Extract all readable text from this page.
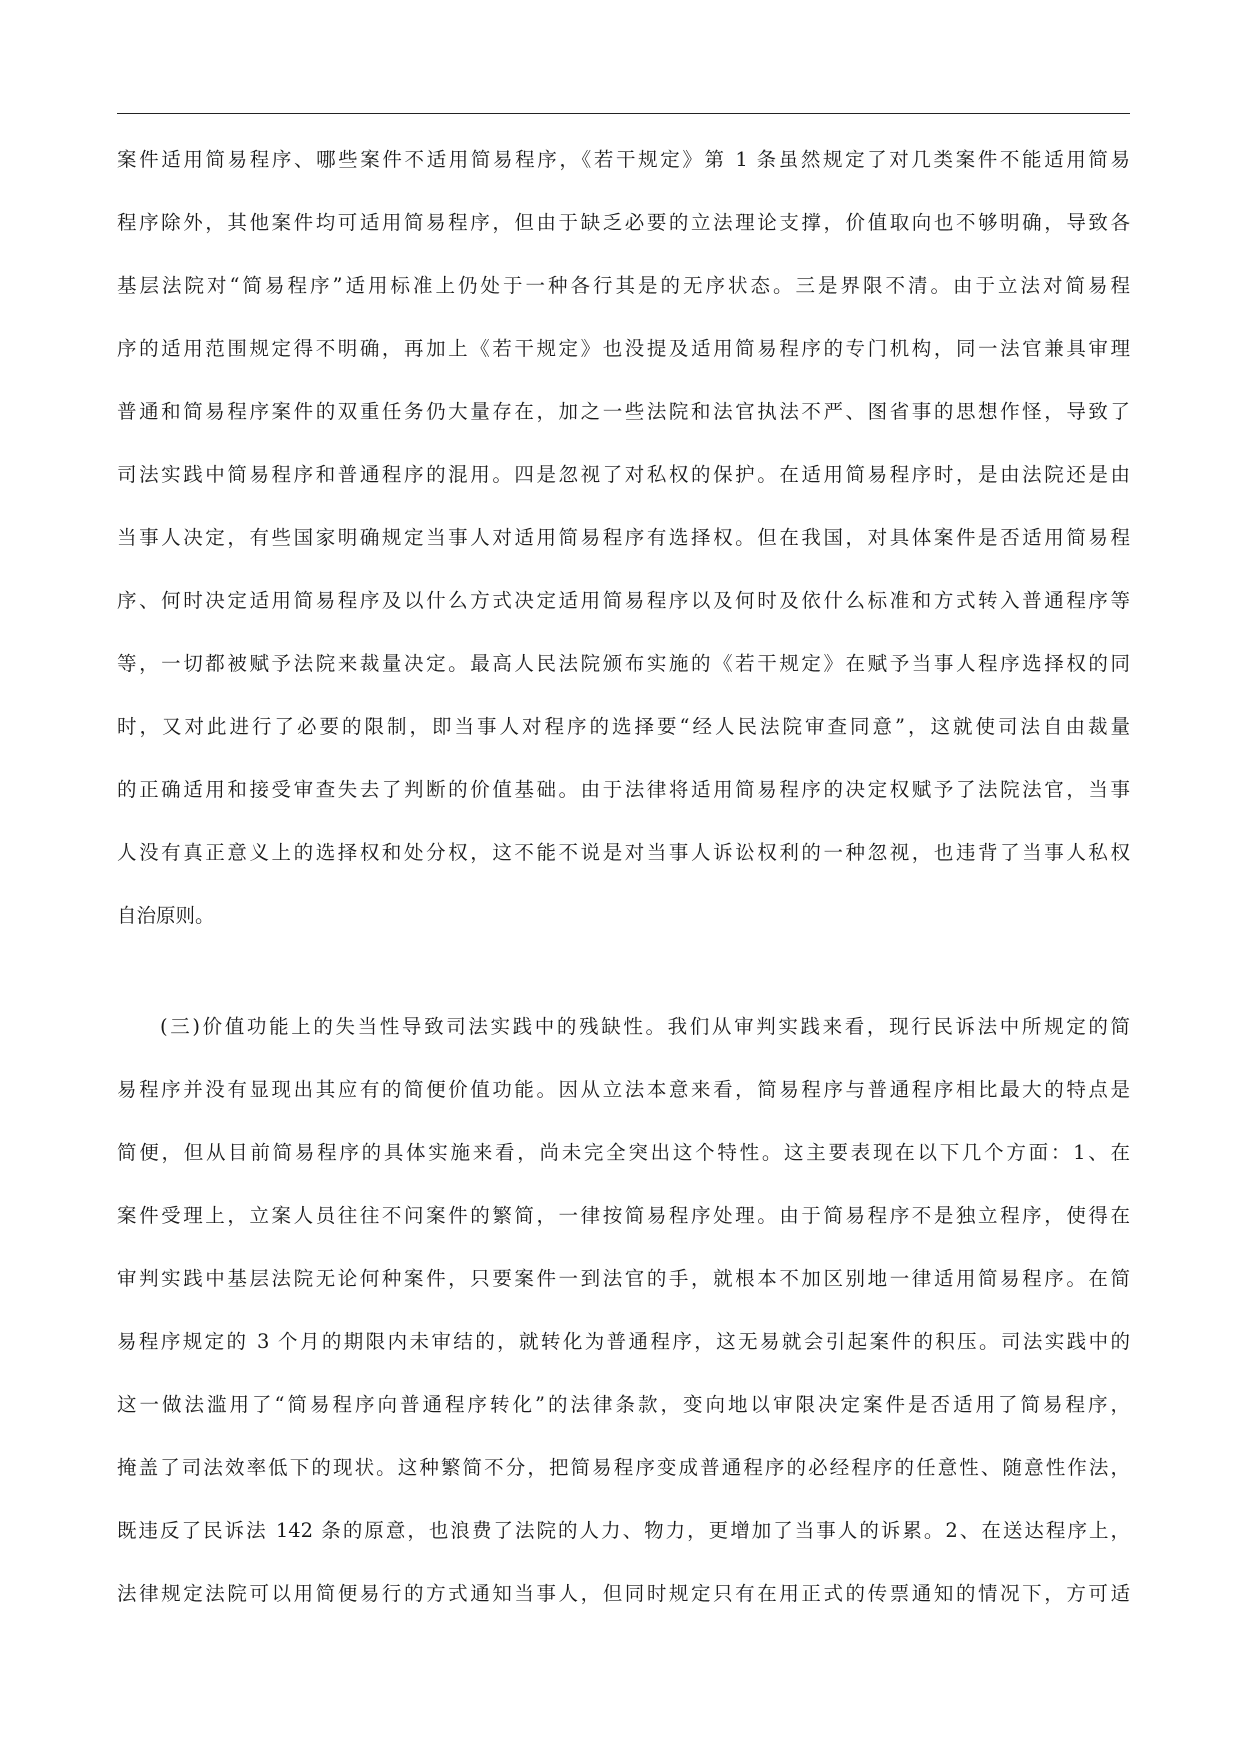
案件适用简易程序、哪些案件不适用简易程序，《若干规定》第 1 条虽然规定了对几类案件不能适用简易
程序除外，其他案件均可适用简易程序，但由于缺乏必要的立法理论支撑，价值取向也不够明确，导致各
基层法院对“简易程序”适用标准上仍处于一种各行其是的无序状态。三是界限不清。由于立法对简易程
序的适用范围规定得不明确，再加上《若干规定》也没提及适用简易程序的专门机构，同一法官兼具审理
普通和简易程序案件的双重任务仍大量存在，加之一些法院和法官执法不严、图省事的思想作怪，导致了
司法实践中简易程序和普通程序的混用。四是忽视了对私权的保护。在适用简易程序时，是由法院还是由
当事人决定，有些国家明确规定当事人对适用简易程序有选择权。但在我国，对具体案件是否适用简易程
序、何时决定适用简易程序及以什么方式决定适用简易程序以及何时及依什么标准和方式转入普通程序等
等，一切都被赋予法院来裁量决定。最高人民法院颁布实施的《若干规定》在赋予当事人程序选择权的同
时，又对此进行了必要的限制，即当事人对程序的选择要“经人民法院审查同意”，这就使司法自由裁量
的正确适用和接受审查失去了判断的价值基础。由于法律将适用简易程序的决定权赋予了法院法官，当事
人没有真正意义上的选择权和处分权，这不能不说是对当事人诉讼权利的一种忽视，也违背了当事人私权
自治原则。
(三)价值功能上的失当性导致司法实践中的残缺性。我们从审判实践来看，现行民诉法中所规定的简
易程序并没有显现出其应有的简便价值功能。因从立法本意来看，简易程序与普通程序相比最大的特点是
简便，但从目前简易程序的具体实施来看，尚未完全突出这个特性。这主要表现在以下几个方面：1、在
案件受理上，立案人员往往不问案件的繁简，一律按简易程序处理。由于简易程序不是独立程序，使得在
审判实践中基层法院无论何种案件，只要案件一到法官的手，就根本不加区别地一律适用简易程序。在简
易程序规定的 3 个月的期限内未审结的，就转化为普通程序，这无易就会引起案件的积压。司法实践中的
这一做法滥用了“简易程序向普通程序转化”的法律条款，变向地以审限决定案件是否适用了简易程序，
掩盖了司法效率低下的现状。这种繁简不分，把简易程序变成普通程序的必经程序的任意性、随意性作法，
既违反了民诉法 142 条的原意，也浪费了法院的人力、物力，更增加了当事人的诉累。2、在送达程序上，
法律规定法院可以用简便易行的方式通知当事人，但同时规定只有在用正式的传票通知的情况下，方可适
